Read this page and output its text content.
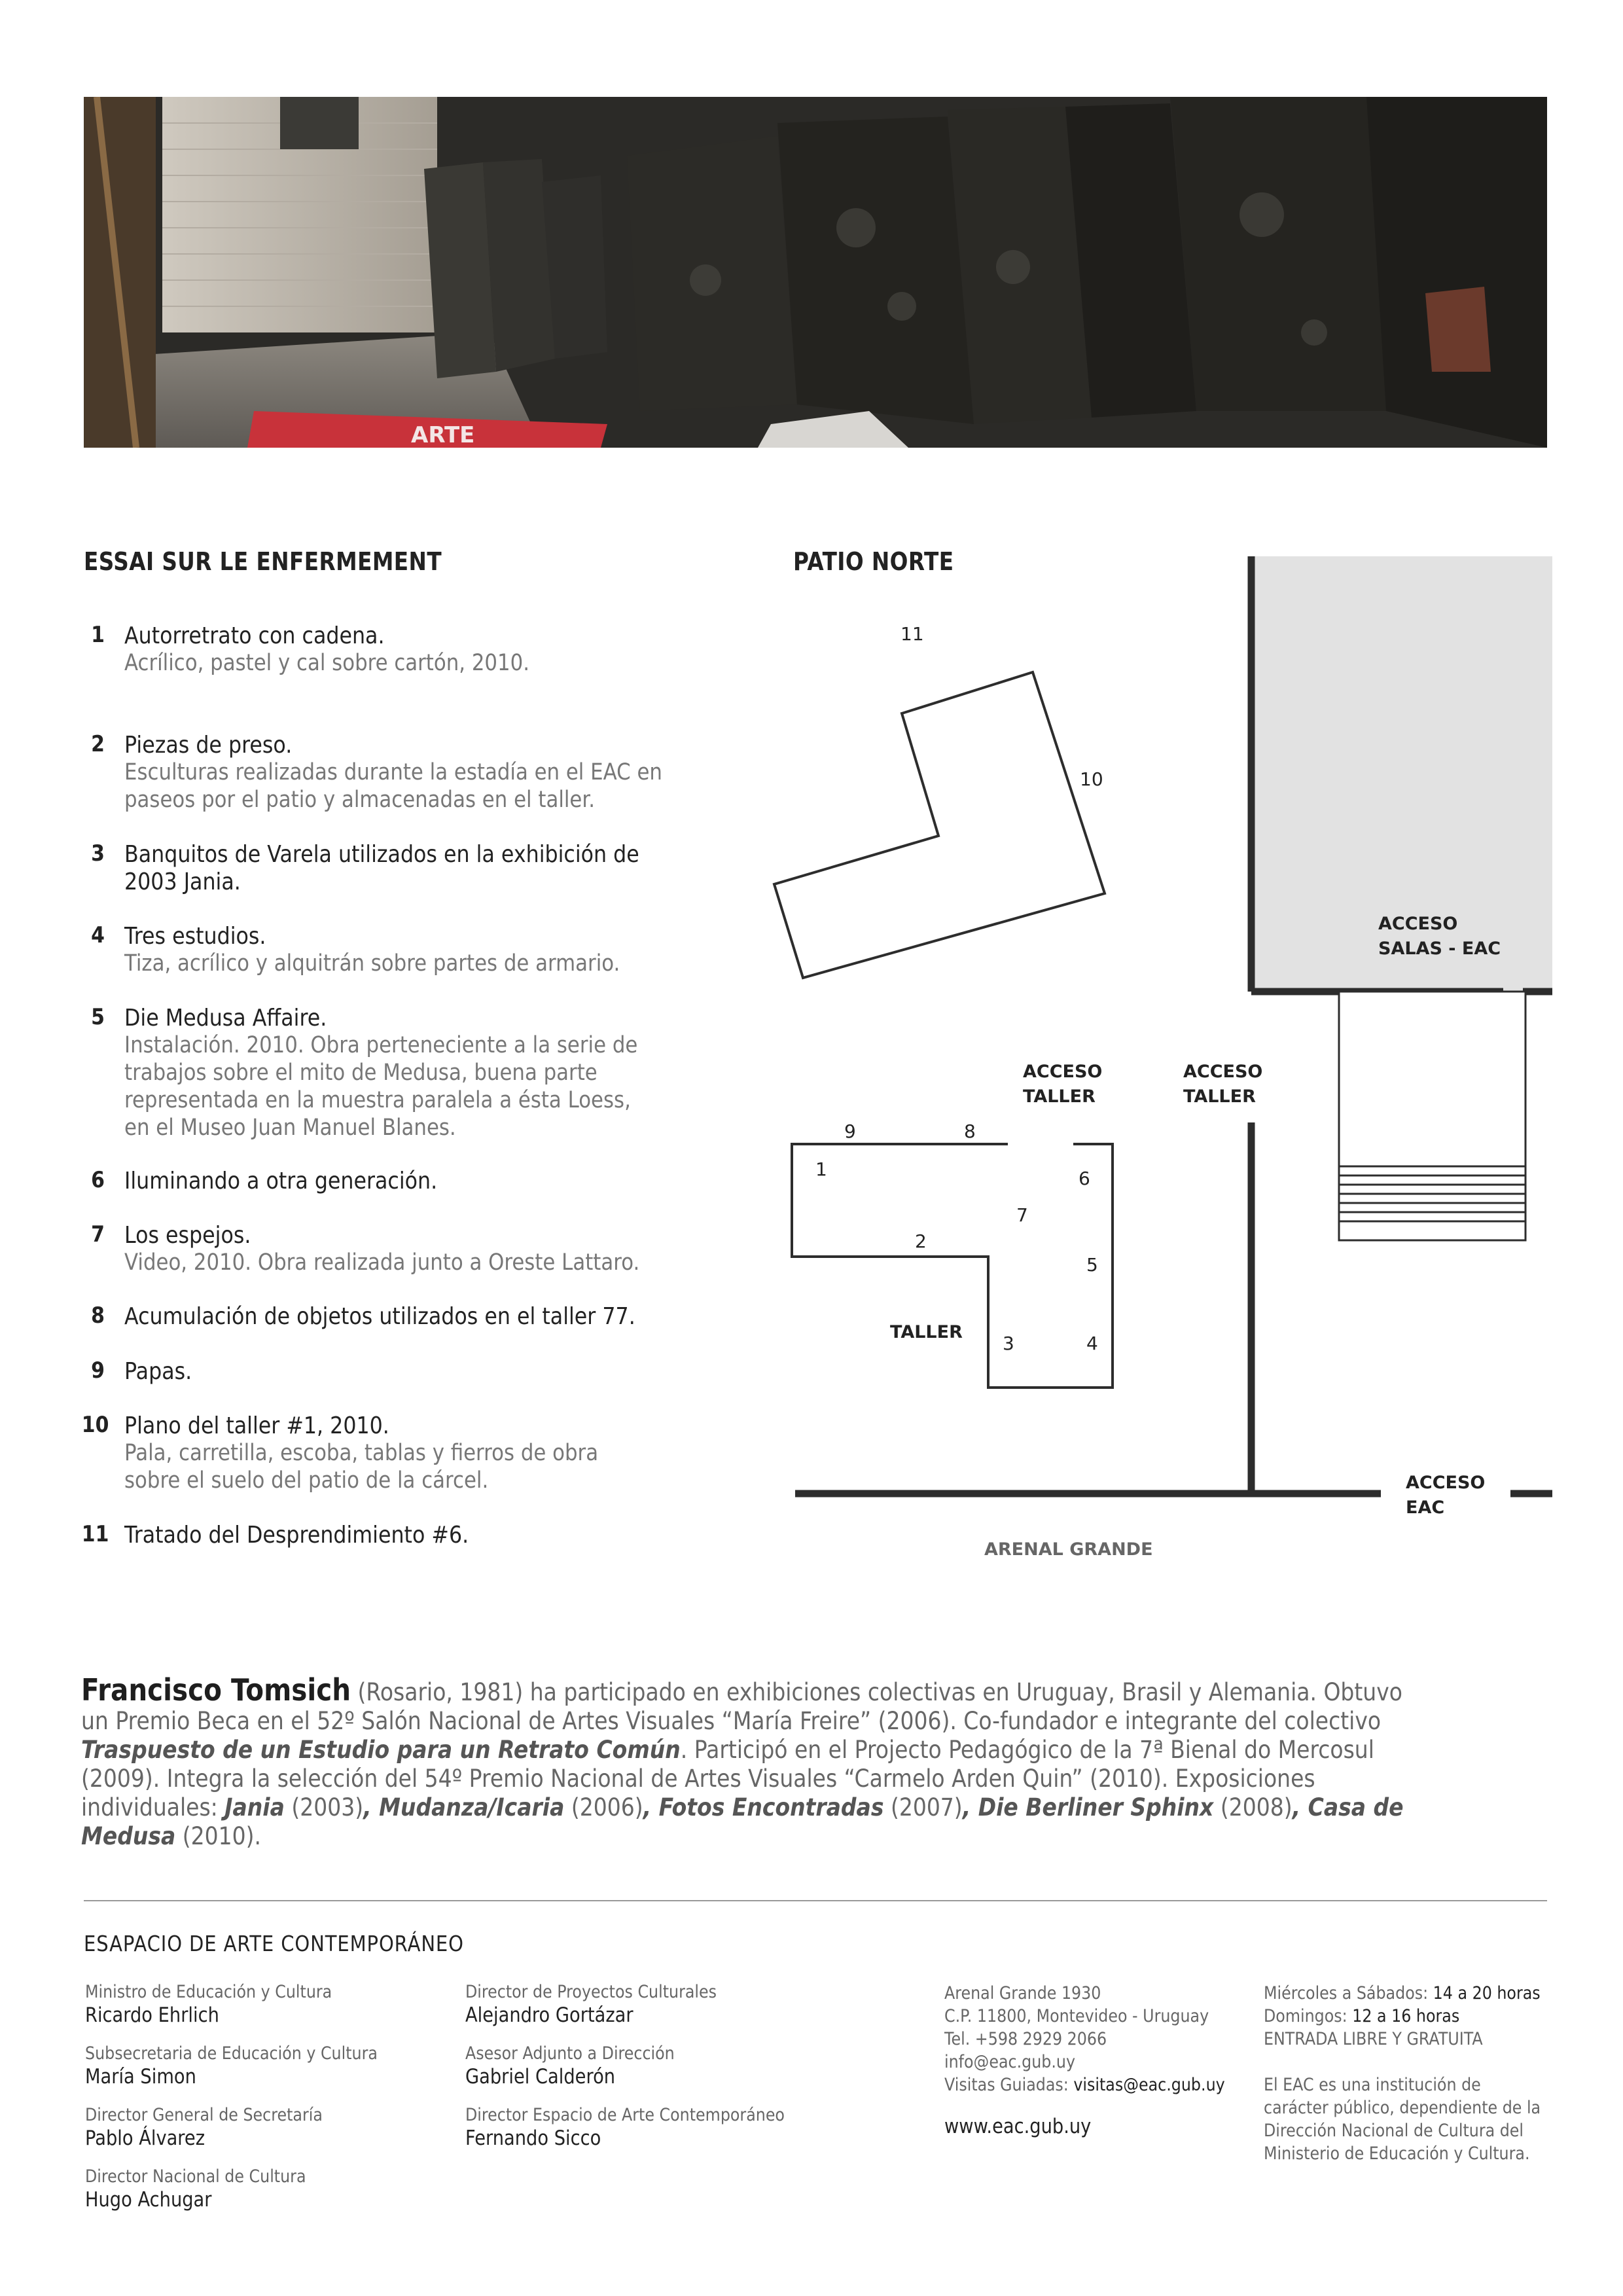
ARTE
ESSAI SUR LE ENFERMEMENT
1 Autorretrato con cadena.
Acrílico, pastel y cal sobre cartón, 2010.
2 Piezas de preso.
Esculturas realizadas durante la estadía en el EAC en
paseos por el patio y almacenadas en el taller.
3 Banquitos de Varela utilizados en la exhibición de
2003 Jania.
4 Tres estudios.
Tiza, acrílico y alquitrán sobre partes de armario.
5 Die Medusa Affaire.
Instalación. 2010. Obra perteneciente a la serie de
trabajos sobre el mito de Medusa, buena parte
representada en la muestra paralela a ésta Loess,
en el Museo Juan Manuel Blanes.
6 Iluminando a otra generación.
7 Los espejos.
Video, 2010. Obra realizada junto a Oreste Lattaro.
8 Acumulación de objetos utilizados en el taller 77.
9 Papas.
10 Plano del taller #1, 2010.
Pala, carretilla, escoba, tablas y fierros de obra
sobre el suelo del patio de la cárcel.
11 Tratado del Desprendimiento #6.
PATIO NORTE
11
10
9	8
1	6
7
2
5
3	4
TALLER
ACCESO
TALLER
ACCESO
TALLER
ACCESO
SALAS - EAC
ACCESO
EAC
ARENAL GRANDE
Francisco Tomsich (Rosario, 1981) ha participado en exhibiciones colectivas en Uruguay, Brasil y Alemania. Obtuvo un Premio Beca en el 52º Salón Nacional de Artes Visuales “María Freire” (2006). Co-fundador e integrante del colectivo Traspuesto de un Estudio para un Retrato Común. Participó en el Projecto Pedagógico de la 7ª Bienal do Mercosul (2009). Integra la selección del 54º Premio Nacional de Artes Visuales “Carmelo Arden Quin” (2010). Exposiciones individuales: Jania (2003), Mudanza/Icaria (2006), Fotos Encontradas (2007), Die Berliner Sphinx (2008), Casa de Medusa (2010).
ESAPACIO DE ARTE CONTEMPORÁNEO
Ministro de Educación y Cultura
Ricardo Ehrlich
Subsecretaria de Educación y Cultura
María Simon
Director General de Secretaría
Pablo Álvarez
Director Nacional de Cultura
Hugo Achugar
Director de Proyectos Culturales
Alejandro Gortázar
Asesor Adjunto a Dirección
Gabriel Calderón
Director Espacio de Arte Contemporáneo
Fernando Sicco
Arenal Grande 1930
C.P. 11800, Montevideo - Uruguay
Tel. +598 2929 2066
info@eac.gub.uy
Visitas Guiadas: visitas@eac.gub.uy
www.eac.gub.uy
Miércoles a Sábados: 14 a 20 horas
Domingos: 12 a 16 horas
ENTRADA LIBRE Y GRATUITA
El EAC es una institución de
carácter público, dependiente de la
Dirección Nacional de Cultura del
Ministerio de Educación y Cultura.
